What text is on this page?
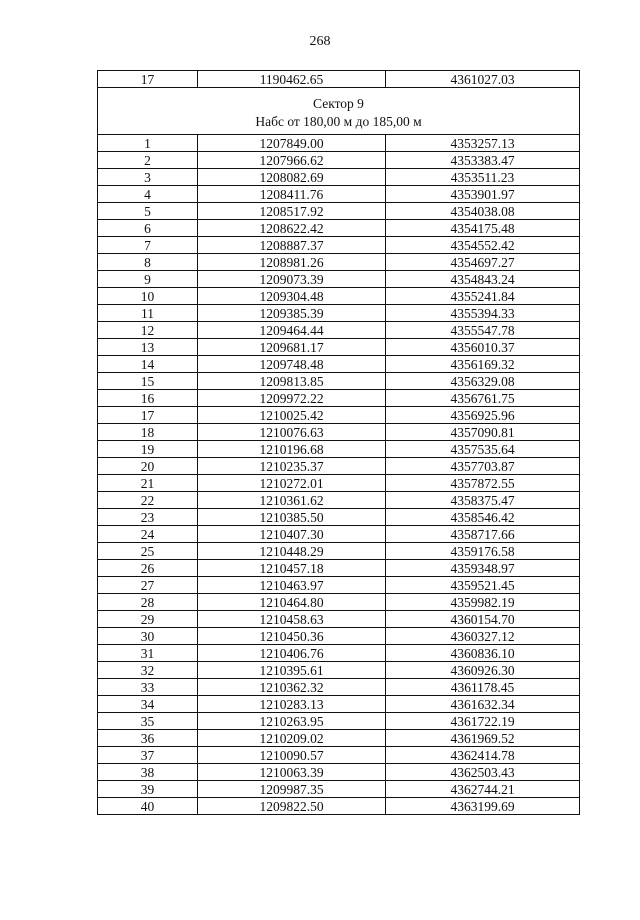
268
17	1190462.65	4361027.03

Сектор 9
Набс от 180,00 м до 185,00 м		

1	1207849.00	4353257.13
2	1207966.62	4353383.47
3	1208082.69	4353511.23
4	1208411.76	4353901.97
5	1208517.92	4354038.08
6	1208622.42	4354175.48
7	1208887.37	4354552.42
8	1208981.26	4354697.27
9	1209073.39	4354843.24
10	1209304.48	4355241.84
11	1209385.39	4355394.33
12	1209464.44	4355547.78
13	1209681.17	4356010.37
14	1209748.48	4356169.32
15	1209813.85	4356329.08
16	1209972.22	4356761.75
17	1210025.42	4356925.96
18	1210076.63	4357090.81
19	1210196.68	4357535.64
20	1210235.37	4357703.87
21	1210272.01	4357872.55
22	1210361.62	4358375.47
23	1210385.50	4358546.42
24	1210407.30	4358717.66
25	1210448.29	4359176.58
26	1210457.18	4359348.97
27	1210463.97	4359521.45
28	1210464.80	4359982.19
29	1210458.63	4360154.70
30	1210450.36	4360327.12
31	1210406.76	4360836.10
32	1210395.61	4360926.30
33	1210362.32	4361178.45
34	1210283.13	4361632.34
35	1210263.95	4361722.19
36	1210209.02	4361969.52
37	1210090.57	4362414.78
38	1210063.39	4362503.43
39	1209987.35	4362744.21
40	1209822.50	4363199.69
